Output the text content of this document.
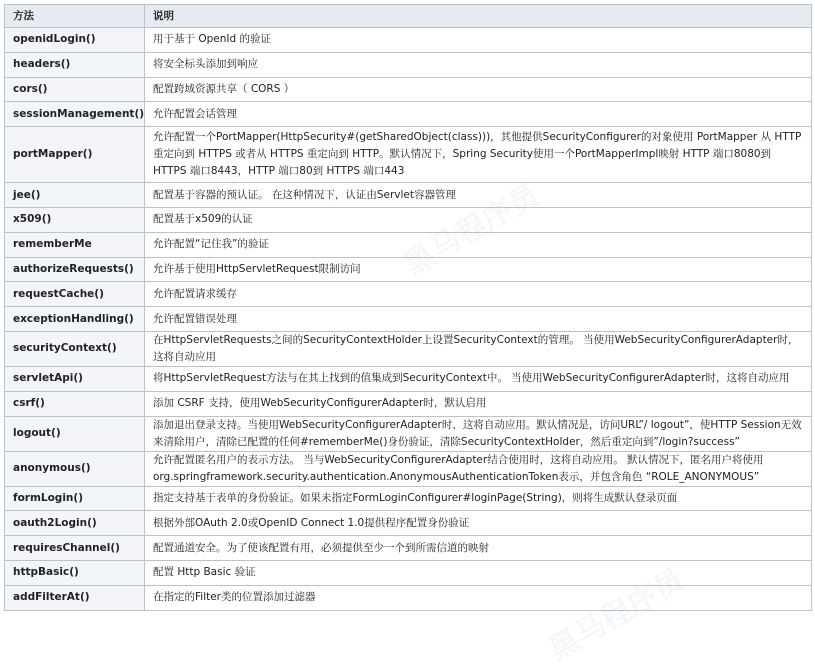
方法	说明
openidLogin()	用于基于 OpenId 的验证
headers()	将安全标头添加到响应
cors()	配置跨域资源共享（ CORS ）
sessionManagement()	允许配置会话管理
portMapper()	允许配置一个PortMapper(HttpSecurity#(getSharedObject(class)))，其他提供SecurityConfigurer的对象使用 PortMapper 从 HTTP 重定向到 HTTPS 或者从 HTTPS 重定向到 HTTP。默认情况下，Spring Security使用一个PortMapperImpl映射 HTTP 端口8080到 HTTPS 端口8443，HTTP 端口80到 HTTPS 端口443
jee()	配置基于容器的预认证。 在这种情况下，认证由Servlet容器管理
x509()	配置基于x509的认证
rememberMe	允许配置“记住我”的验证
authorizeRequests()	允许基于使用HttpServletRequest限制访问
requestCache()	允许配置请求缓存
exceptionHandling()	允许配置错误处理
securityContext()	在HttpServletRequests之间的SecurityContextHolder上设置SecurityContext的管理。 当使用WebSecurityConfigurerAdapter时，这将自动应用
servletApi()	将HttpServletRequest方法与在其上找到的值集成到SecurityContext中。 当使用WebSecurityConfigurerAdapter时，这将自动应用
csrf()	添加 CSRF 支持，使用WebSecurityConfigurerAdapter时，默认启用
logout()	添加退出登录支持。当使用WebSecurityConfigurerAdapter时，这将自动应用。默认情况是，访问URL”/ logout”，使HTTP Session无效来清除用户，清除已配置的任何#rememberMe()身份验证，清除SecurityContextHolder，然后重定向到”/login?success”
anonymous()	允许配置匿名用户的表示方法。 当与WebSecurityConfigurerAdapter结合使用时，这将自动应用。 默认情况下，匿名用户将使用org.springframework.security.authentication.AnonymousAuthenticationToken表示，并包含角色 “ROLE_ANONYMOUS”
formLogin()	指定支持基于表单的身份验证。如果未指定FormLoginConfigurer#loginPage(String)，则将生成默认登录页面
oauth2Login()	根据外部OAuth 2.0或OpenID Connect 1.0提供程序配置身份验证
requiresChannel()	配置通道安全。为了使该配置有用，必须提供至少一个到所需信道的映射
httpBasic()	配置 Http Basic 验证
addFilterAt()	在指定的Filter类的位置添加过滤器	黑马程序员
